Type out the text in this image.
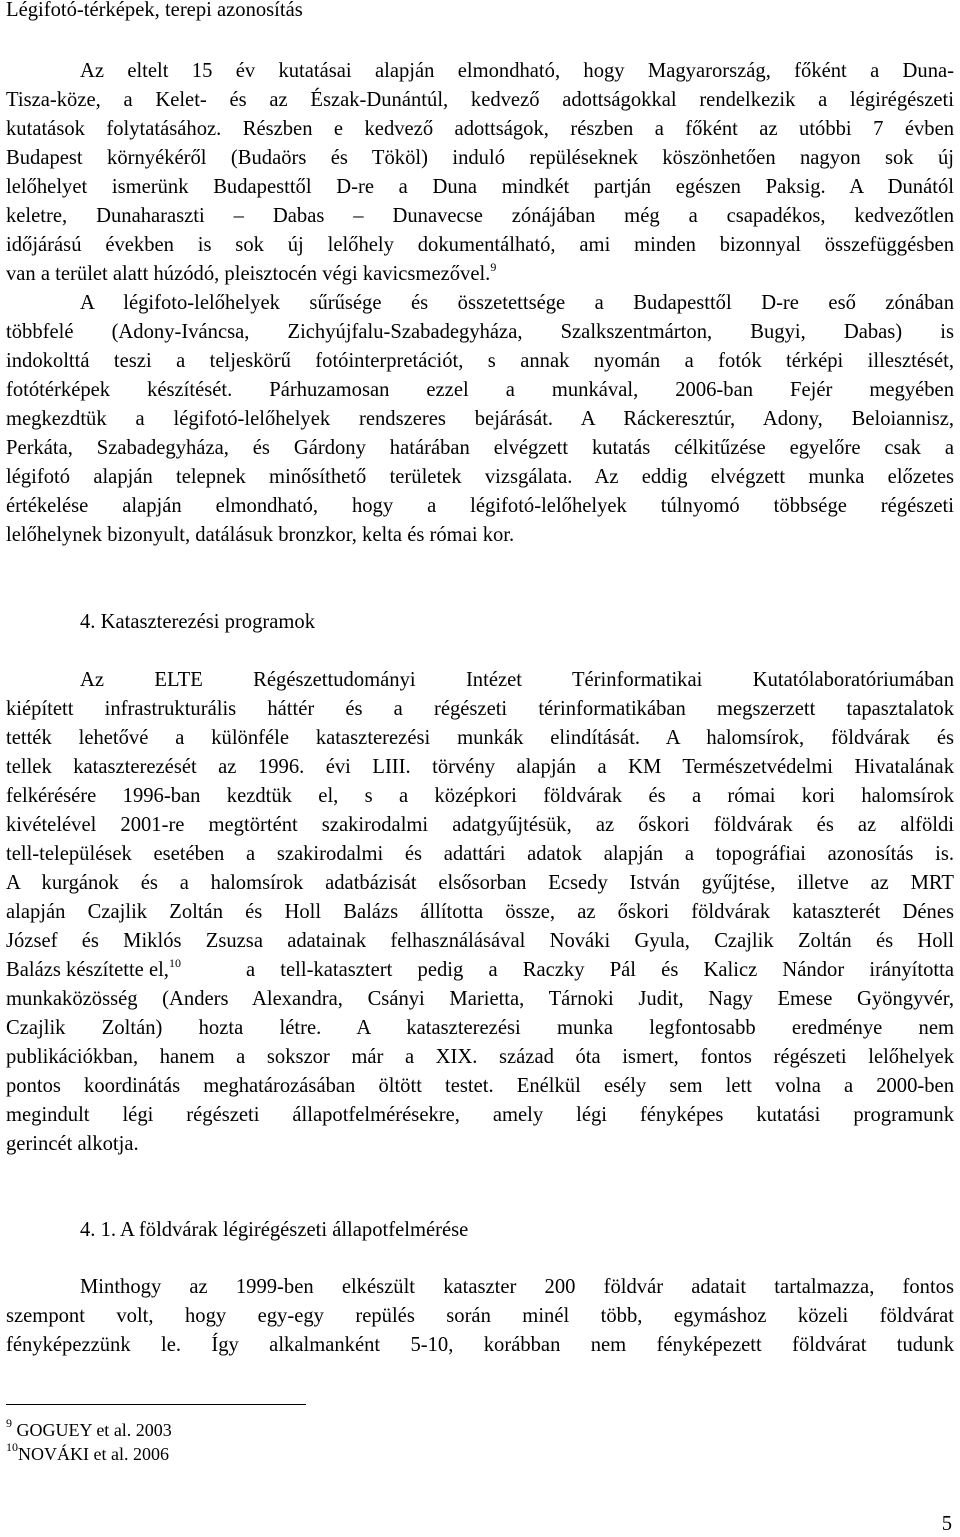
Légifotó-térképek, terepi azonosítás
Az eltelt 15 év kutatásai alapján elmondható, hogy Magyarország, főként a Duna-
Tisza-köze, a Kelet- és az Észak-Dunántúl, kedvező adottságokkal rendelkezik a légirégészeti
kutatások folytatásához. Részben e kedvező adottságok, részben a főként az utóbbi 7 évben
Budapest környékéről (Budaörs és Tököl) induló repüléseknek köszönhetően nagyon sok új
lelőhelyet ismerünk Budapesttől D-re a Duna mindkét partján egészen Paksig. A Dunától
keletre, Dunaharaszti – Dabas – Dunavecse zónájában még a csapadékos, kedvezőtlen
időjárású években is sok új lelőhely dokumentálható, ami minden bizonnyal összefüggésben
van a terület alatt húzódó, pleisztocén végi kavicsmezővel.$^9$
A légifoto-lelőhelyek sűrűsége és összetettsége a Budapesttől D-re eső zónában
többfelé (Adony-Iváncsa, Zichyújfalu-Szabadegyháza, Szalkszentmárton, Bugyi, Dabas) is
indokolttá teszi a teljeskörű fotóinterpretációt, s annak nyomán a fotók térképi illesztését,
fotótérképek készítését. Párhuzamosan ezzel a munkával, 2006-ban Fejér megyében
megkezdtük a légifotó-lelőhelyek rendszeres bejárását. A Ráckeresztúr, Adony, Beloiannisz,
Perkáta, Szabadegyháza, és Gárdony határában elvégzett kutatás célkitűzése egyelőre csak a
légifotó alapján telepnek minősíthető területek vizsgálata. Az eddig elvégzett munka előzetes
értékelése alapján elmondható, hogy a légifotó-lelőhelyek túlnyomó többsége régészeti
lelőhelynek bizonyult, datálásuk bronzkor, kelta és római kor.
4. Kataszterezési programok
Az ELTE Régészettudományi Intézet Térinformatikai Kutatólaboratóriumában
kiépített infrastrukturális háttér és a régészeti térinformatikában megszerzett tapasztalatok
tették lehetővé a különféle kataszterezési munkák elindítását. A halomsírok, földvárak és
tellek kataszterezését az 1996. évi LIII. törvény alapján a KM Természetvédelmi Hivatalának
felkérésére 1996-ban kezdtük el, s a középkori földvárak és a római kori halomsírok
kivételével 2001-re megtörtént szakirodalmi adatgyűjtésük, az őskori földvárak és az alföldi
tell-települések esetében a szakirodalmi és adattári adatok alapján a topográfiai azonosítás is.
A kurgánok és a halomsírok adatbázisát elsősorban Ecsedy István gyűjtése, illetve az MRT
alapján Czajlik Zoltán és Holl Balázs állította össze, az őskori földvárak kataszterét Dénes
József és Miklós Zsuzsa adatainak felhasználásával Nováki Gyula, Czajlik Zoltán és Holl
Balázs készítette el,$^{10}$	a tell-katasztert pedig a Raczky Pál és Kalicz Nándor irányította
munkaközösség (Anders Alexandra, Csányi Marietta, Tárnoki Judit, Nagy Emese Gyöngyvér,
Czajlik Zoltán) hozta létre. A kataszterezési munka legfontosabb eredménye nem
publikációkban, hanem a sokszor már a XIX. század óta ismert, fontos régészeti lelőhelyek
pontos koordinátás meghatározásában öltött testet. Enélkül esély sem lett volna a 2000-ben
megindult légi régészeti állapotfelmérésekre, amely légi fényképes kutatási programunk
gerincét alkotja.
4. 1. A földvárak légirégészeti állapotfelmérése
Minthogy az 1999-ben elkészült kataszter 200 földvár adatait tartalmazza, fontos
szempont volt, hogy egy-egy repülés során minél több, egymáshoz közeli földvárat
fényképezzünk le. Így alkalmanként 5-10, korábban nem fényképezett földvárat tudunk
$^9$ GOGUEY et al. 2003
$^{10}$NOVÁKI et al. 2006
5
